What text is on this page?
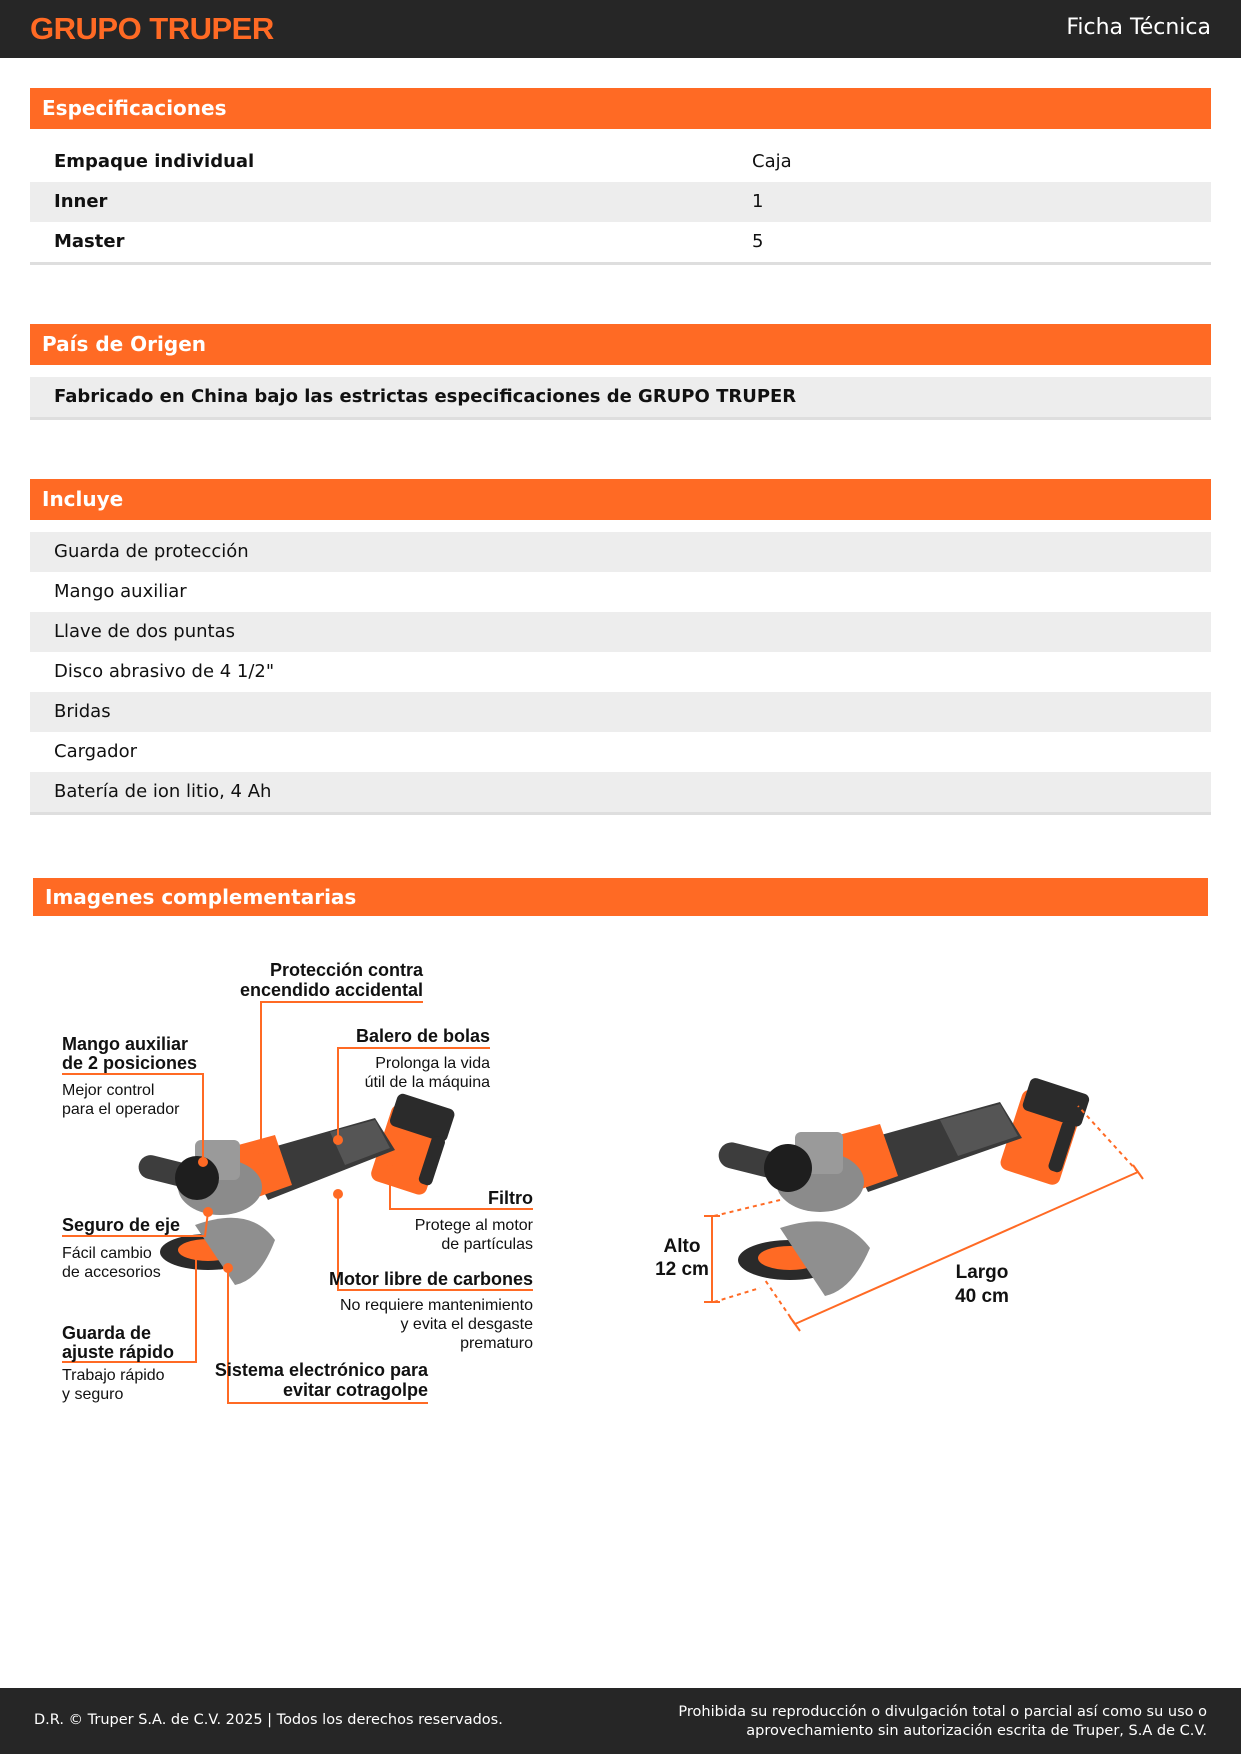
GRUPO TRUPER	Ficha Técnica
Especificaciones
Empaque individual	Caja
Inner	1
Master	5
País de Origen
Fabricado en China bajo las estrictas especificaciones de GRUPO TRUPER
Incluye
Guarda de protección
Mango auxiliar
Llave de dos puntas
Disco abrasivo de 4 1/2"
Bridas
Cargador
Batería de ion litio, 4 Ah
Imagenes complementarias
Protección contra
encendido accidental
Mango auxiliar
de 2 posiciones
Mejor control
para el operador
Balero de bolas
Prolonga la vida
útil de la máquina
Filtro
Protege al motor
de partículas
Seguro de eje
Fácil cambio
de accesorios	Motor libre de carbones
No requiere mantenimiento
y evita el desgaste
prematuro
Guarda de
ajuste rápido
Trabajo rápido
y seguro
Sistema electrónico para
evitar cotragolpe
Alto
12 cm	Largo
40 cm
D.R. © Truper S.A. de C.V. 2025 | Todos los derechos reservados.	Prohibida su reproducción o divulgación total o parcial así como su uso o
aprovechamiento sin autorización escrita de Truper, S.A de C.V.
